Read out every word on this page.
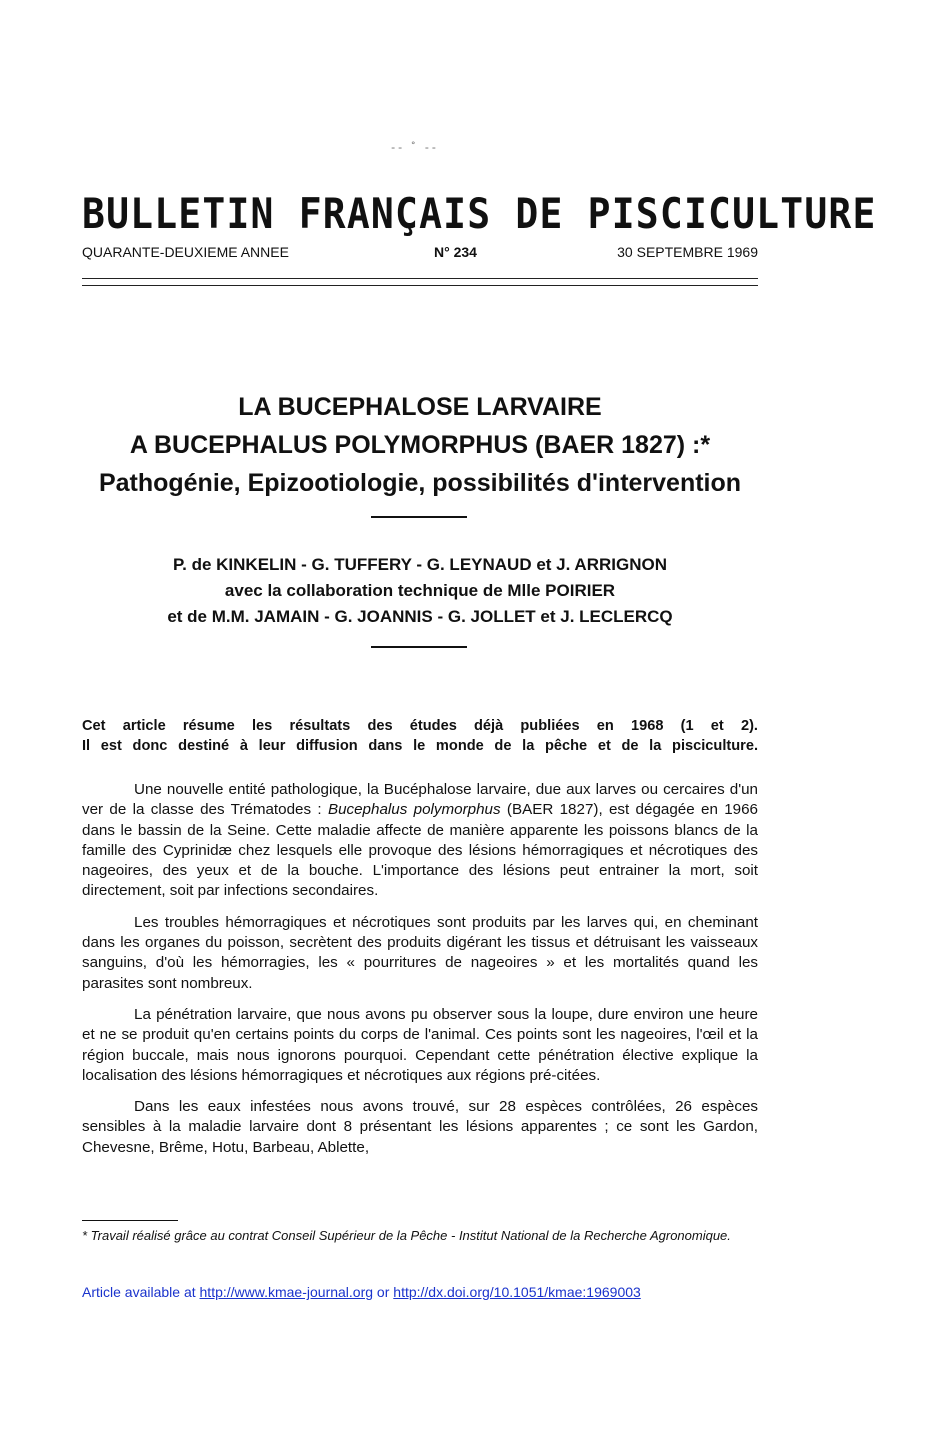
-- ˚ --
BULLETIN FRANÇAIS DE PISCICULTURE
QUARANTE-DEUXIEME ANNEE	N° 234	30 SEPTEMBRE 1969
LA BUCEPHALOSE LARVAIRE
A BUCEPHALUS POLYMORPHUS (BAER 1827) :*
Pathogénie, Epizootiologie, possibilités d'intervention
P. de KINKELIN - G. TUFFERY - G. LEYNAUD et J. ARRIGNON
avec la collaboration technique de Mlle POIRIER
et de M.M. JAMAIN - G. JOANNIS - G. JOLLET et J. LECLERCQ

Cet article résume les résultats des études déjà publiées en 1968 (1 et 2).

Il est donc destiné à leur diffusion dans le monde de la pêche et de la pisciculture.

Une nouvelle entité pathologique, la Bucéphalose larvaire, due aux larves ou cercaires d'un ver de la classe des Trématodes : Bucephalus polymorphus (BAER 1827), est dégagée en 1966 dans le bassin de la Seine. Cette maladie affecte de manière apparente les poissons blancs de la famille des Cyprinidæ chez lesquels elle provoque des lésions hémorragiques et nécrotiques des nageoires, des yeux et de la bouche. L'importance des lésions peut entrainer la mort, soit directement, soit par infections secondaires.

Les troubles hémorragiques et nécrotiques sont produits par les larves qui, en cheminant dans les organes du poisson, secrètent des produits digérant les tissus et détruisant les vaisseaux sanguins, d'où les hémorragies, les « pourritures de nageoires » et les mortalités quand les parasites sont nombreux.

La pénétration larvaire, que nous avons pu observer sous la loupe, dure environ une heure et ne se produit qu'en certains points du corps de l'animal. Ces points sont les nageoires, l'œil et la région buccale, mais nous ignorons pourquoi. Cependant cette pénétration élective explique la localisation des lésions hémorragiques et nécrotiques aux régions pré-citées.

Dans les eaux infestées nous avons trouvé, sur 28 espèces contrôlées, 26 espèces sensibles à la maladie larvaire dont 8 présentant les lésions apparentes ; ce sont les Gardon, Chevesne, Brême, Hotu, Barbeau, Ablette,

* Travail réalisé grâce au contrat Conseil Supérieur de la Pêche - Institut National de la Recherche Agronomique.

Article available at http://www.kmae-journal.org or http://dx.doi.org/10.1051/kmae:1969003
